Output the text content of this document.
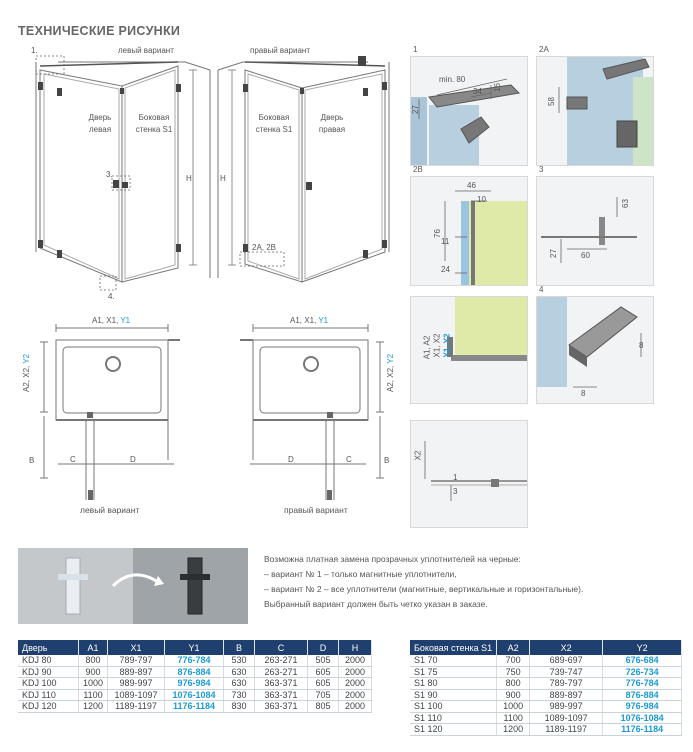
ТЕХНИЧЕСКИЕ РИСУНКИ
левый вариант
Дверь левая
Боковая стенка S1
1.
3.
4.
H
правый вариант
Боковая стенка S1
Дверь правая
2A, 2B
H
A1, X1, Y1
A2, X2, Y2
B	C	D
левый вариант
A1, X1, Y1
A2, X2, Y2
B
D	C
правый вариант
1
min. 80
34 16
27
2A
58
2B
46
10
76
11
24
3
63
27	60
A1, A2 X1, X2 Y1, Y2
4
8
8
X2
3
1
Возможна платная замена прозрачных уплотнителей на черные:
– вариант № 1 – только магнитные уплотнители,
– вариант № 2 – все уплотнители (магнитные, вертикальные и горизонтальные).
Выбранный вариант должен быть четко указан в заказе.
Дверь	A1	X1	Y1	B	C	D	H
KDJ 80	800	789-797	776-784	530	263-271	505	2000
KDJ 90	900	889-897	876-884	630	263-271	605	2000
KDJ 100	1000	989-997	976-984	630	363-371	605	2000
KDJ 110	1100	1089-1097	1076-1084	730	363-371	705	2000
KDJ 120	1200	1189-1197	1176-1184	830	363-371	805	2000
Боковая стенка S1	A2	X2	Y2
S1 70	700	689-697	676-684
S1 75	750	739-747	726-734
S1 80	800	789-797	776-784
S1 90	900	889-897	876-884
S1 100	1000	989-997	976-984
S1 110	1100	1089-1097	1076-1084
S1 120	1200	1189-1197	1176-1184
